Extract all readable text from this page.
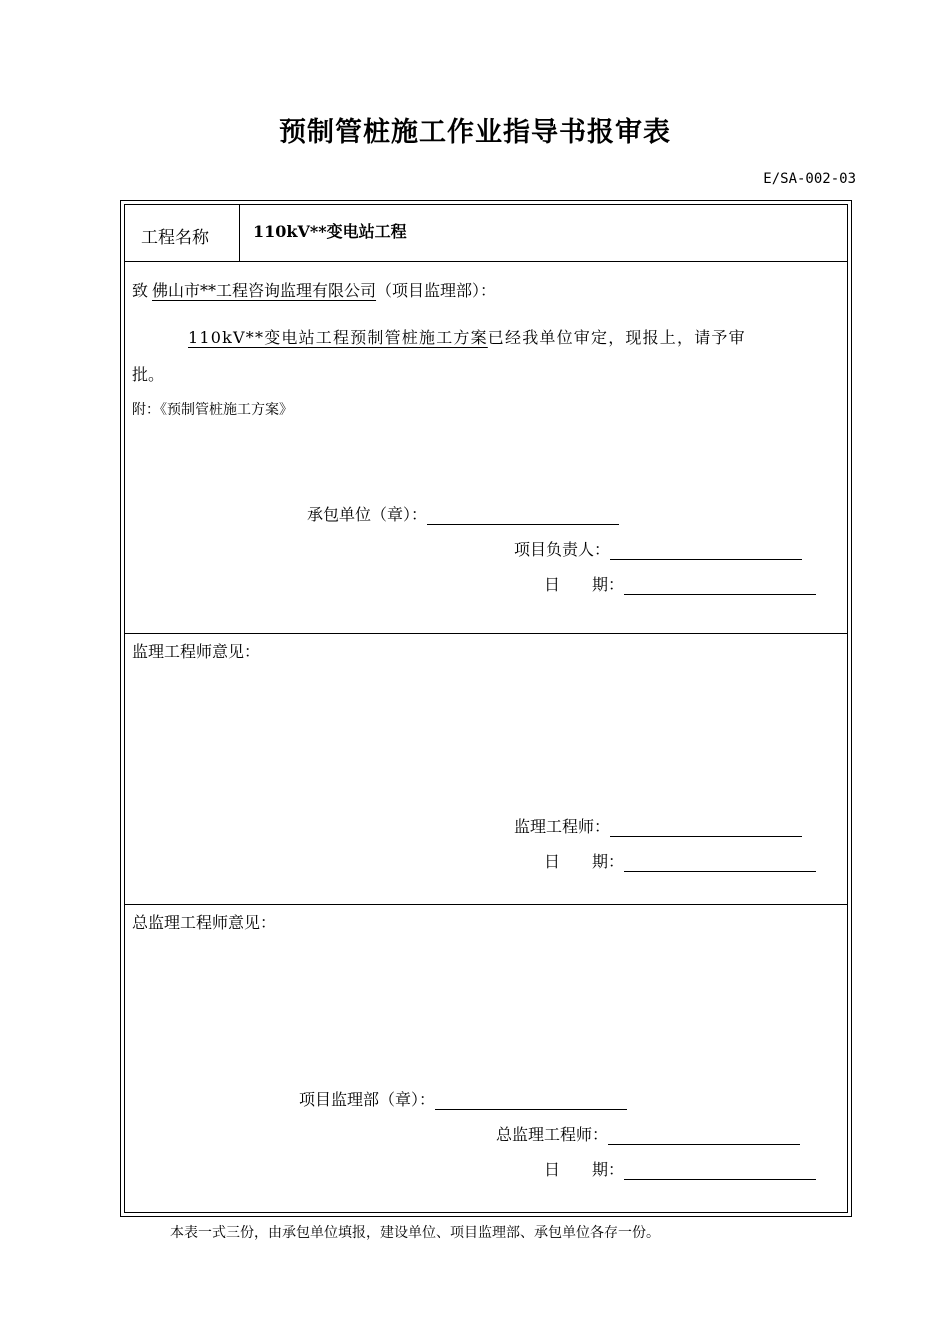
预制管桩施工作业指导书报审表
E/SA-002-03
工程名称	110kV**变电站工程
致 佛山市**工程咨询监理有限公司（项目监理部）：
110kV**变电站工程预制管桩施工方案已经我单位审定，现报上，请予审
批。
附：《预制管桩施工方案》
承包单位（章）：
项目负责人：
日　　期：
监理工程师意见：
监理工程师：
日　　期：
总监理工程师意见：
项目监理部（章）：
总监理工程师：
日　　期：
本表一式三份，由承包单位填报，建设单位、项目监理部、承包单位各存一份。
